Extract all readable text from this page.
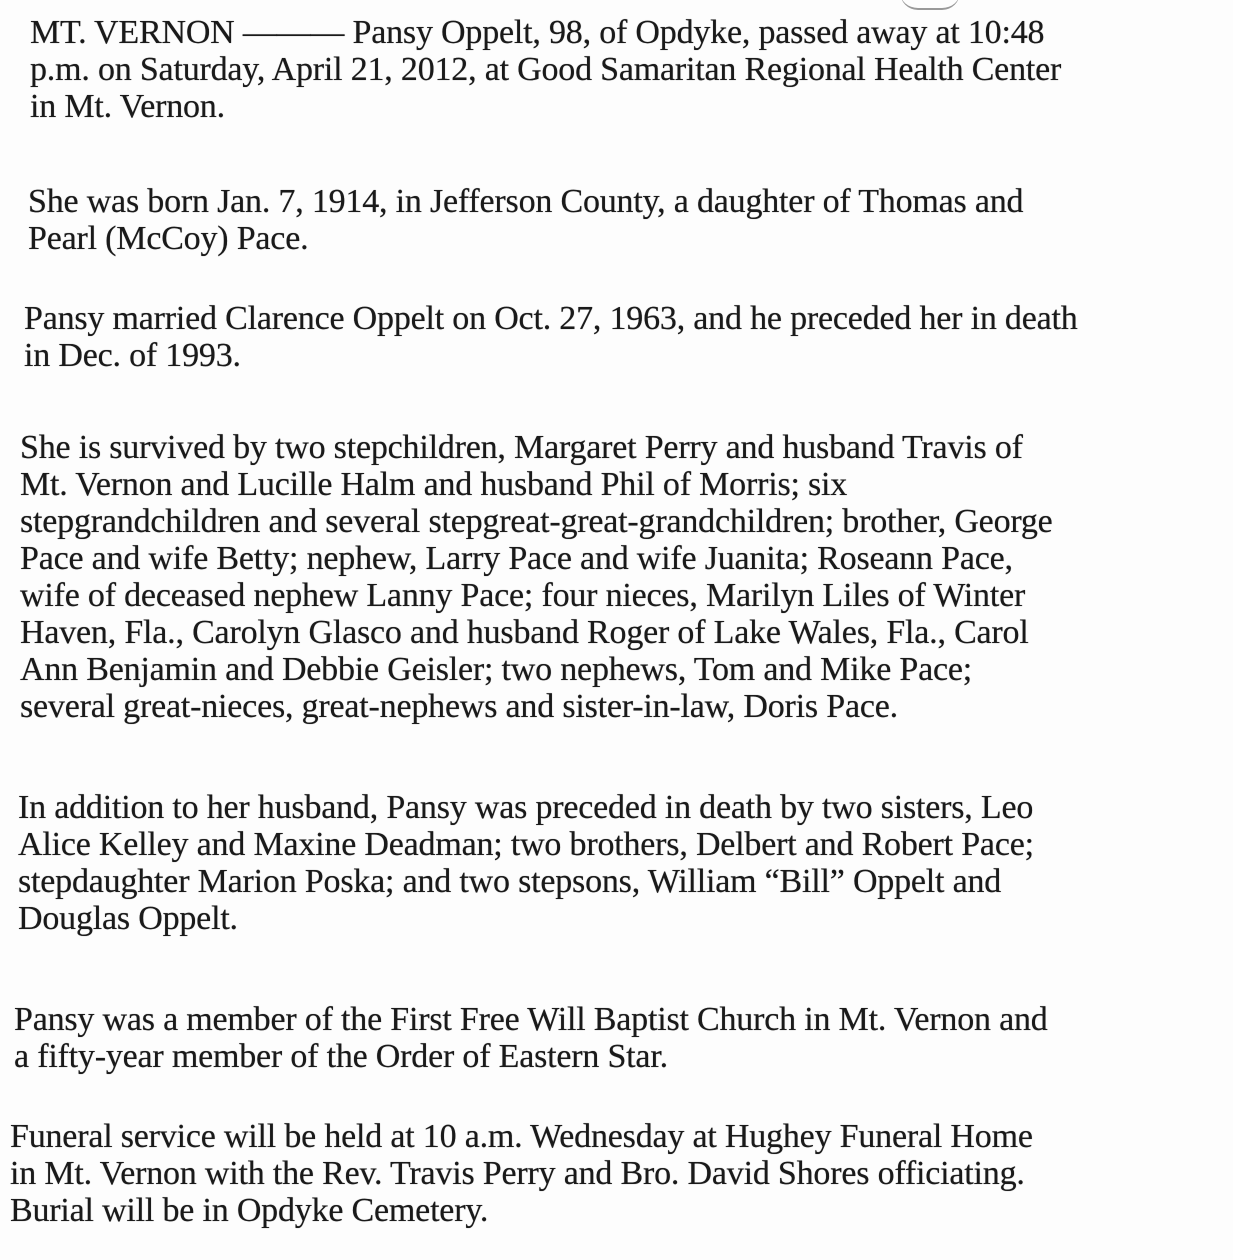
MT. VERNON ——— Pansy Oppelt, 98, of Opdyke, passed away at 10:48
p.m. on Saturday, April 21, 2012, at Good Samaritan Regional Health Center
in Mt. Vernon.
She was born Jan. 7, 1914, in Jefferson County, a daughter of Thomas and
Pearl (McCoy) Pace.
Pansy married Clarence Oppelt on Oct. 27, 1963, and he preceded her in death
in Dec. of 1993.
She is survived by two stepchildren, Margaret Perry and husband Travis of
Mt. Vernon and Lucille Halm and husband Phil of Morris; six
stepgrandchildren and several stepgreat-great-grandchildren; brother, George
Pace and wife Betty; nephew, Larry Pace and wife Juanita; Roseann Pace,
wife of deceased nephew Lanny Pace; four nieces, Marilyn Liles of Winter
Haven, Fla., Carolyn Glasco and husband Roger of Lake Wales, Fla., Carol
Ann Benjamin and Debbie Geisler; two nephews, Tom and Mike Pace;
several great-nieces, great-nephews and sister-in-law, Doris Pace.
In addition to her husband, Pansy was preceded in death by two sisters, Leo
Alice Kelley and Maxine Deadman; two brothers, Delbert and Robert Pace;
stepdaughter Marion Poska; and two stepsons, William “Bill” Oppelt and
Douglas Oppelt.
Pansy was a member of the First Free Will Baptist Church in Mt. Vernon and
a fifty-year member of the Order of Eastern Star.
Funeral service will be held at 10 a.m. Wednesday at Hughey Funeral Home
in Mt. Vernon with the Rev. Travis Perry and Bro. David Shores officiating.
Burial will be in Opdyke Cemetery.
